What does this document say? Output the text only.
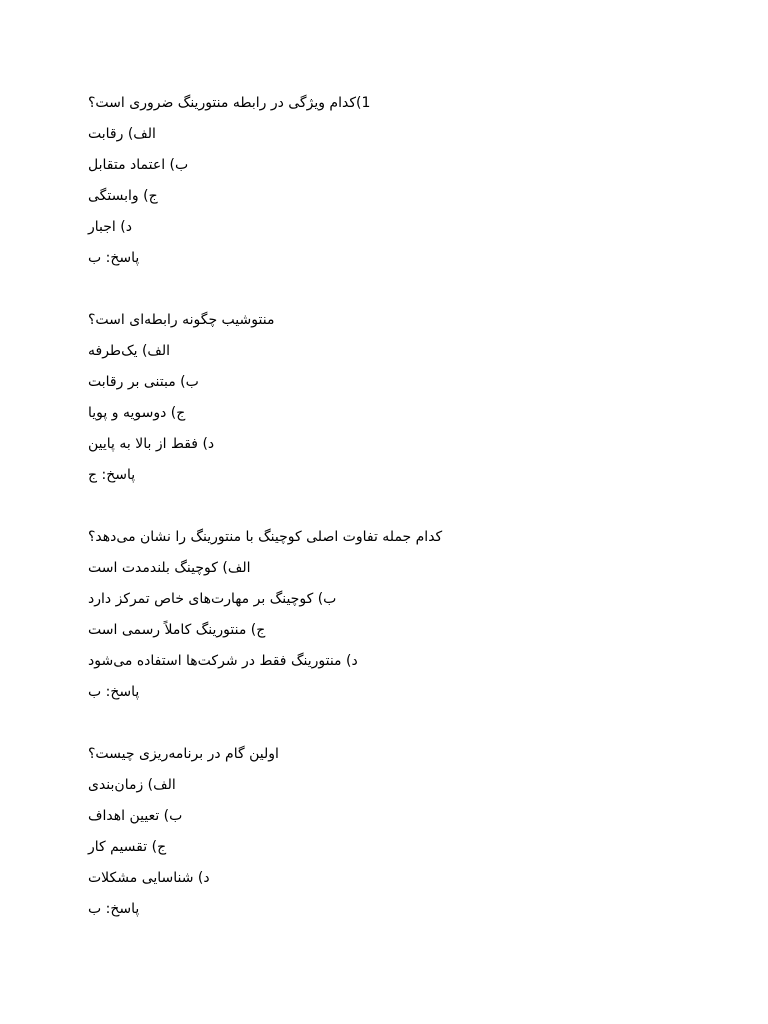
1)کدام ویژگی در رابطه منتورینگ ضروری است؟
الف) رقابت
ب) اعتماد متقابل
ج) وابستگی
د) اجبار
پاسخ: ب
منتوشیب چگونه رابطه‌ای است؟
الف) یک‌طرفه
ب) مبتنی بر رقابت
ج) دوسویه و پویا
د) فقط از بالا به پایین
پاسخ: ج
کدام جمله تفاوت اصلی کوچینگ با منتورینگ را نشان می‌دهد؟
الف) کوچینگ بلندمدت است
ب) کوچینگ بر مهارت‌های خاص تمرکز دارد
ج) منتورینگ کاملاً رسمی است
د) منتورینگ فقط در شرکت‌ها استفاده می‌شود
پاسخ: ب
اولین گام در برنامه‌ریزی چیست؟
الف) زمان‌بندی
ب) تعیین اهداف
ج) تقسیم کار
د) شناسایی مشکلات
پاسخ: ب
